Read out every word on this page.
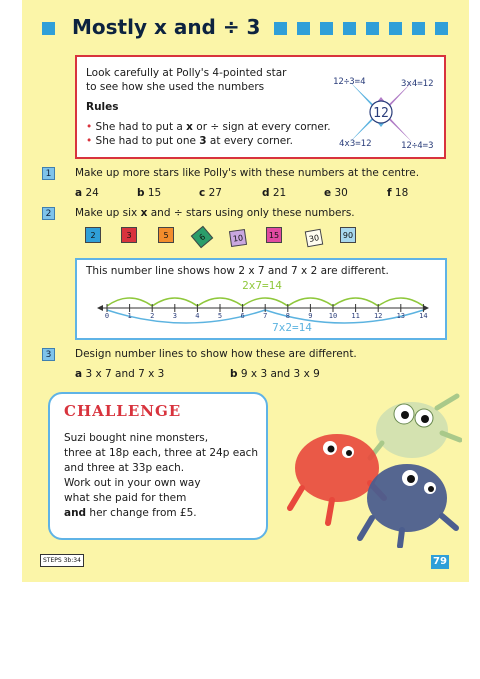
Mostly x and ÷ 3
Look carefully at Polly's 4-pointed star
to see how she used the numbers
Rules
• She had to put a x or ÷ sign at every corner.
• She had to put one 3 at every corner.
12
12÷3=4	3x4=12
4x3=12	12÷4=3
1	Make up more stars like Polly's with these numbers at the centre.
a 24	b 15	c 27	d 21	e 30	f 18
2	Make up six x and ÷ stars using only these numbers.
2	3	5	6	10	15	30	90
This number line shows how 2 x 7 and 7 x 2 are different.
0	1	2	3	4	5	6	7	8	9 10 11 12 13 14
2x7=14
7x2=14
3	Design number lines to show how these are different.
a 3 x 7 and 7 x 3	b 9 x 3 and 3 x 9
CHALLENGE
Suzi bought nine monsters,
three at 18p each, three at 24p each
and three at 33p each.
Work out in your own way
what she paid for them
and her change from £5.
STEPS 3b:34	79
